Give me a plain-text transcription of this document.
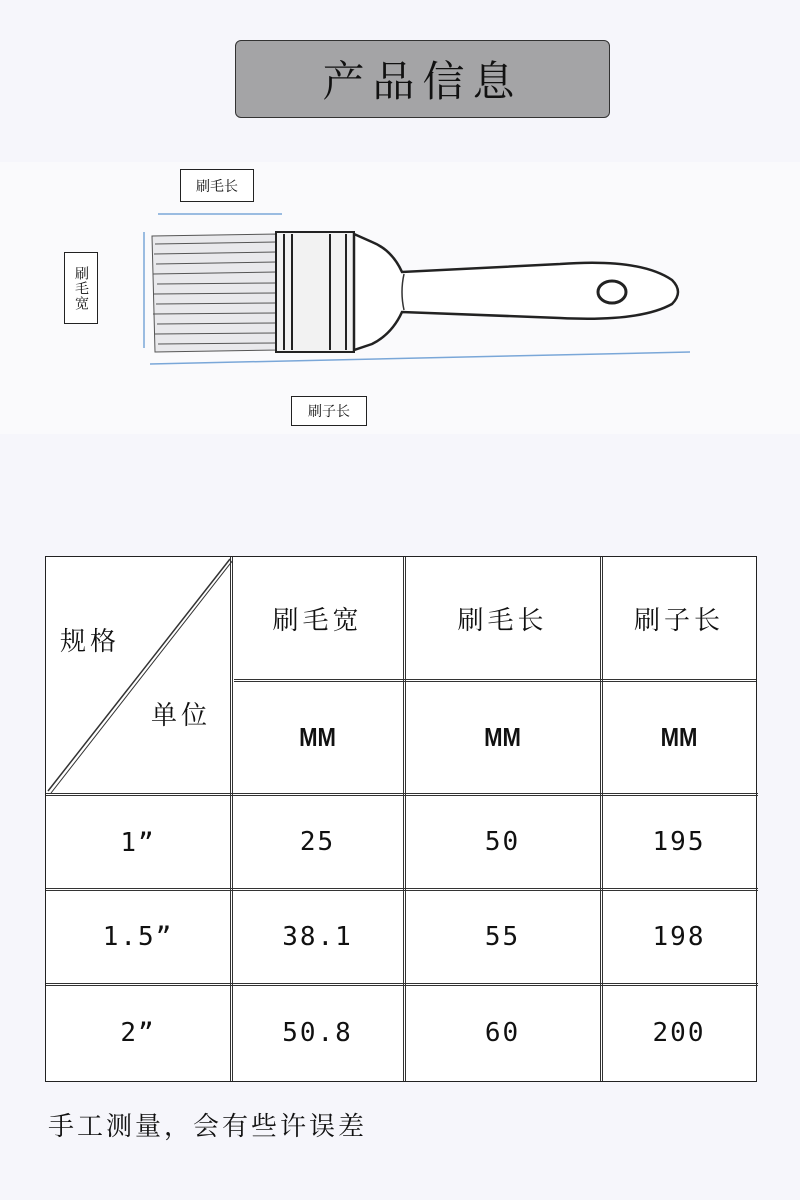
产品信息
刷毛长
刷毛宽
刷子长
规格
单位
刷毛宽	刷毛长	刷子长
MM	MM	MM
1”	25	50	195
1.5”	38.1	55	198
2”	50.8	60	200
手工测量，会有些许误差
